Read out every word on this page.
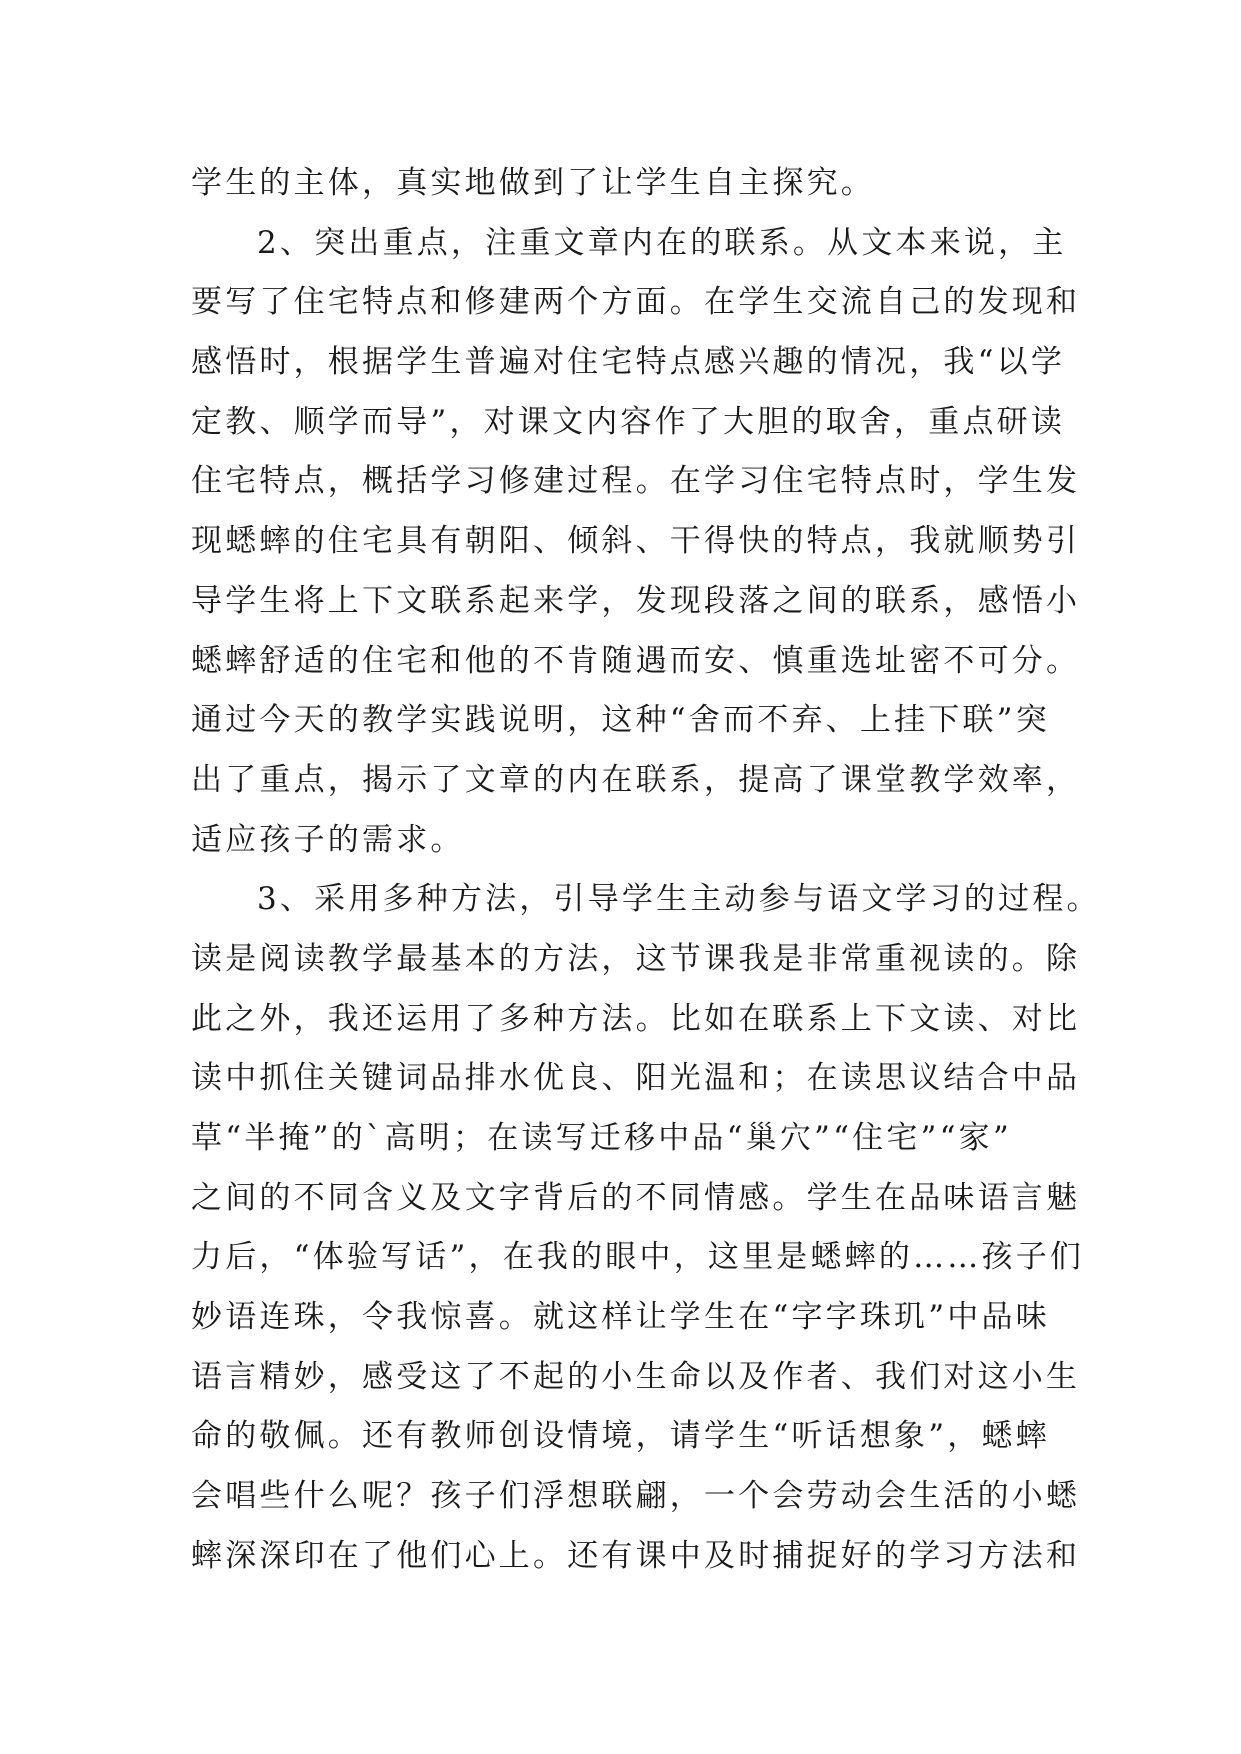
学生的主体，真实地做到了让学生自主探究。
2、突出重点，注重文章内在的联系。从文本来说，主
要写了住宅特点和修建两个方面。在学生交流自己的发现和
感悟时，根据学生普遍对住宅特点感兴趣的情况，我“以学
定教、顺学而导”，对课文内容作了大胆的取舍，重点研读
住宅特点，概括学习修建过程。在学习住宅特点时，学生发
现蟋蟀的住宅具有朝阳、倾斜、干得快的特点，我就顺势引
导学生将上下文联系起来学，发现段落之间的联系，感悟小
蟋蟀舒适的住宅和他的不肯随遇而安、慎重选址密不可分。
通过今天的教学实践说明，这种“舍而不弃、上挂下联”突
出了重点，揭示了文章的内在联系，提高了课堂教学效率，
适应孩子的需求。
3、采用多种方法，引导学生主动参与语文学习的过程。
读是阅读教学最基本的方法，这节课我是非常重视读的。除
此之外，我还运用了多种方法。比如在联系上下文读、对比
读中抓住关键词品排水优良、阳光温和；在读思议结合中品
草“半掩”的`高明；在读写迁移中品“巢穴”“住宅”“家”
之间的不同含义及文字背后的不同情感。学生在品味语言魅
力后，“体验写话”，在我的眼中，这里是蟋蟀的……孩子们
妙语连珠，令我惊喜。就这样让学生在“字字珠玑”中品味
语言精妙，感受这了不起的小生命以及作者、我们对这小生
命的敬佩。还有教师创设情境，请学生“听话想象”，蟋蟀
会唱些什么呢？孩子们浮想联翩，一个会劳动会生活的小蟋
蟀深深印在了他们心上。还有课中及时捕捉好的学习方法和
